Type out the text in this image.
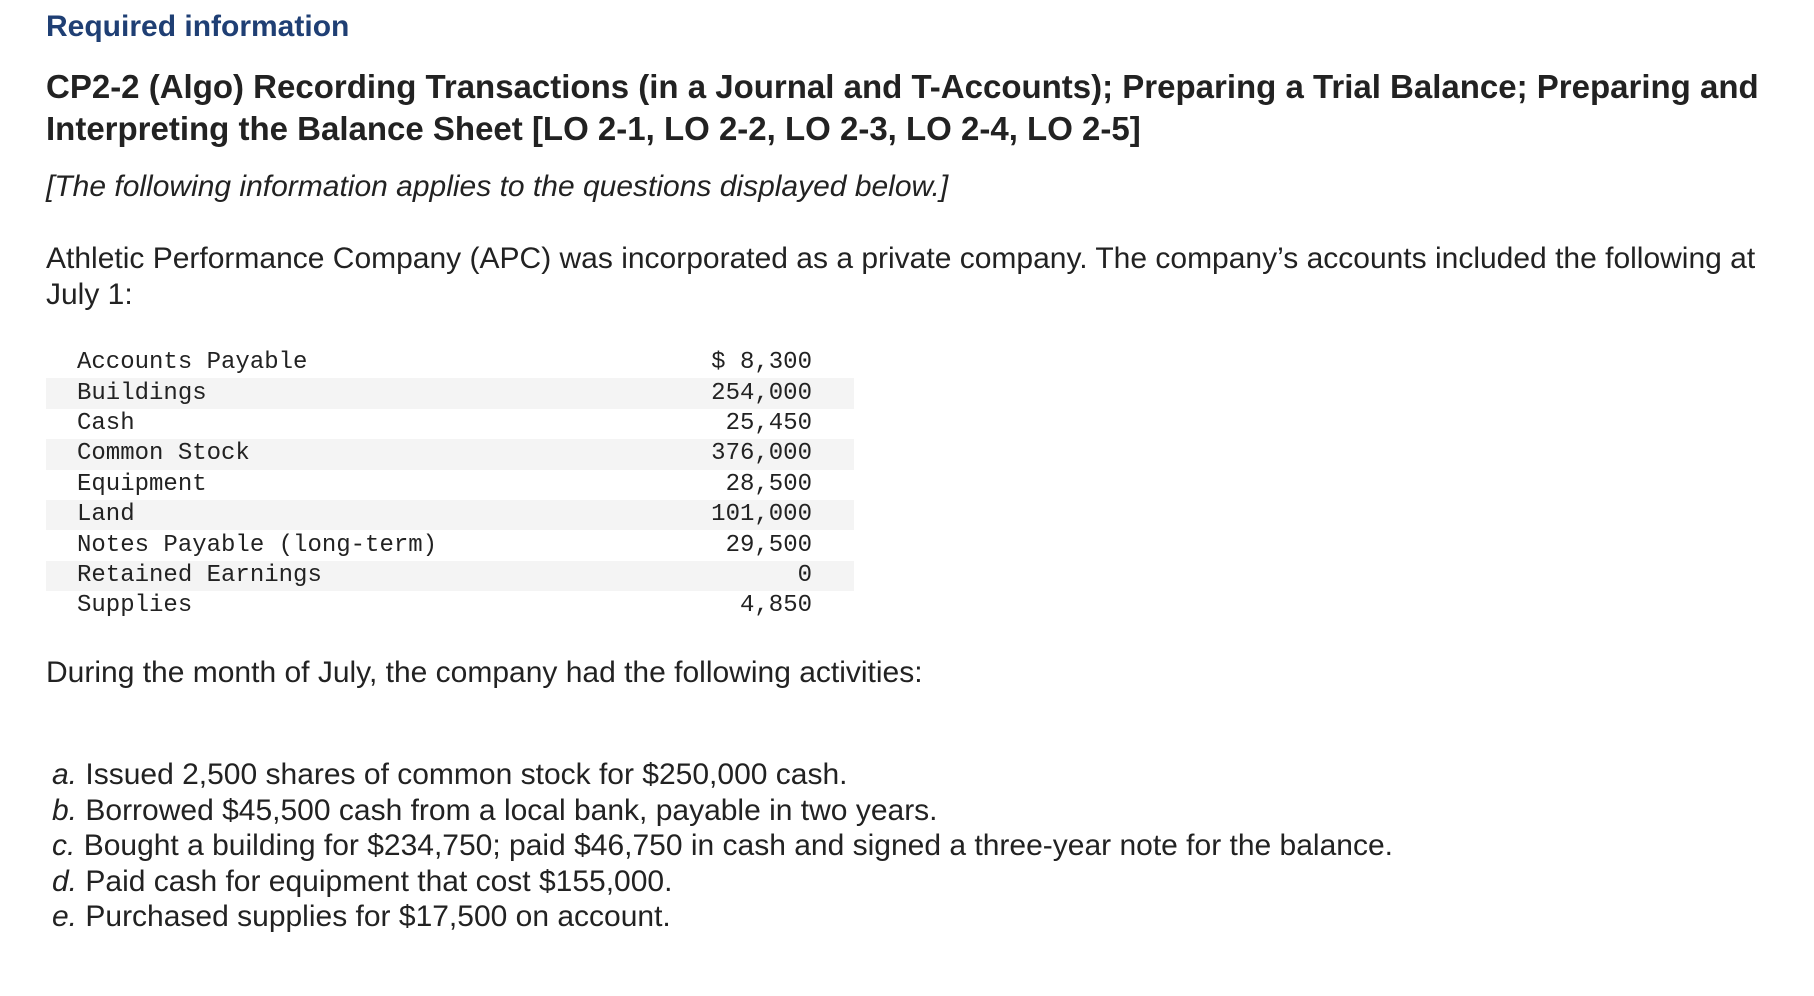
Required information
CP2-2 (Algo) Recording Transactions (in a Journal and T-Accounts); Preparing a Trial Balance; Preparing and Interpreting the Balance Sheet [LO 2-1, LO 2-2, LO 2-3, LO 2-4, LO 2-5]
[The following information applies to the questions displayed below.]
Athletic Performance Company (APC) was incorporated as a private company. The company’s accounts included the following at July 1:
Accounts Payable	$ 8,300
Buildings	254,000
Cash	25,450
Common Stock	376,000
Equipment	28,500
Land	101,000
Notes Payable (long-term)	29,500
Retained Earnings	0
Supplies	4,850
During the month of July, the company had the following activities:
a. Issued 2,500 shares of common stock for $250,000 cash.
b. Borrowed $45,500 cash from a local bank, payable in two years.
c. Bought a building for $234,750; paid $46,750 in cash and signed a three-year note for the balance.
d. Paid cash for equipment that cost $155,000.
e. Purchased supplies for $17,500 on account.
